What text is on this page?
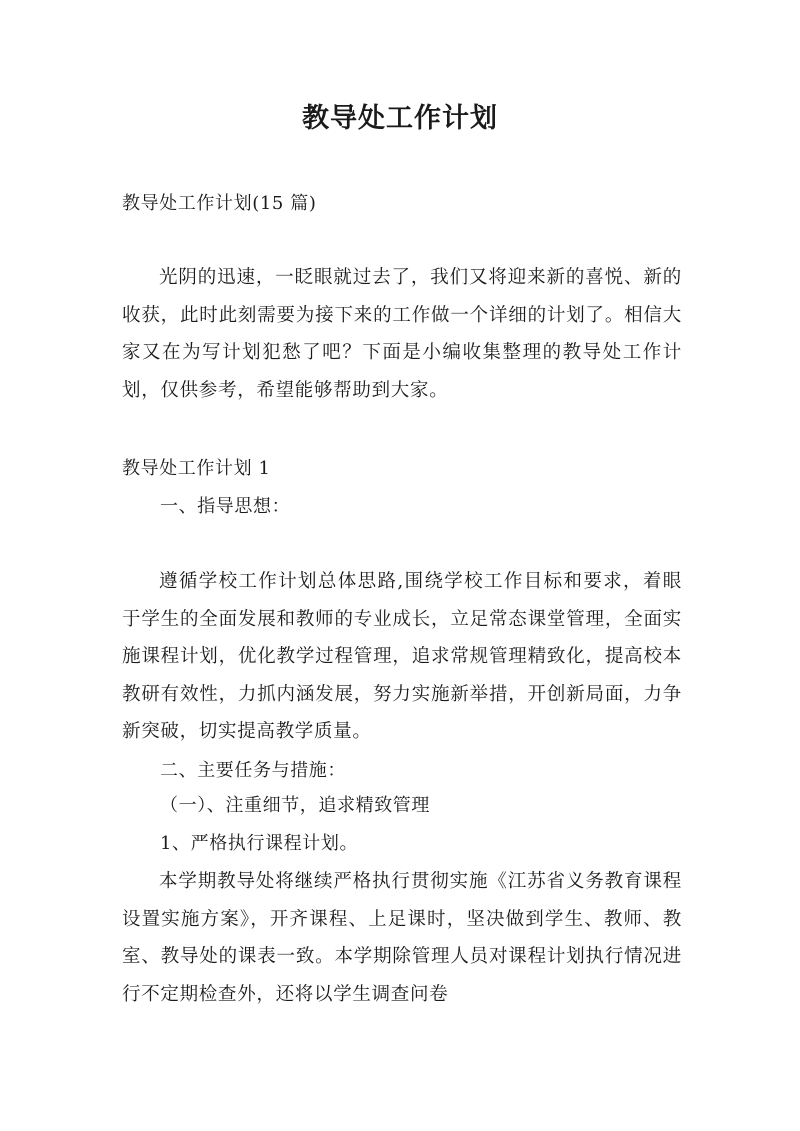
教导处工作计划
教导处工作计划(15 篇)

光阴的迅速，一眨眼就过去了，我们又将迎来新的喜悦、新的收获，此时此刻需要为接下来的工作做一个详细的计划了。相信大家又在为写计划犯愁了吧？下面是小编收集整理的教导处工作计划，仅供参考，希望能够帮助到大家。

教导处工作计划 1
一、指导思想：

遵循学校工作计划总体思路,围绕学校工作目标和要求，着眼于学生的全面发展和教师的专业成长，立足常态课堂管理，全面实施课程计划，优化教学过程管理，追求常规管理精致化，提高校本教研有效性，力抓内涵发展，努力实施新举措，开创新局面，力争新突破，切实提高教学质量。

二、主要任务与措施：
（一）、注重细节，追求精致管理
1、严格执行课程计划。

本学期教导处将继续严格执行贯彻实施《江苏省义务教育课程设置实施方案》，开齐课程、上足课时，坚决做到学生、教师、教室、教导处的课表一致。本学期除管理人员对课程计划执行情况进行不定期检查外，还将以学生调查问卷
